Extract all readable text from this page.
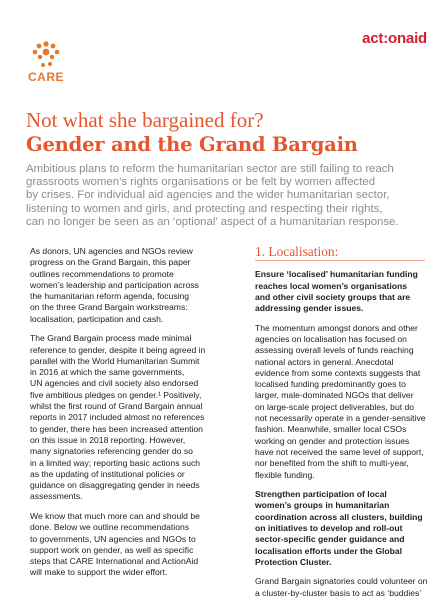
CARE
act:onaid
Not what she bargained for?
Gender and the Grand Bargain
Ambitious plans to reform the humanitarian sector are still failing to reach
grassroots women’s rights organisations or be felt by women affected
by crises. For individual aid agencies and the wider humanitarian sector,
listening to women and girls, and protecting and respecting their rights,
can no longer be seen as an ‘optional’ aspect of a humanitarian response.
As donors, UN agencies and NGOs review
progress on the Grand Bargain, this paper
outlines recommendations to promote
women’s leadership and participation across
the humanitarian reform agenda, focusing
on the three Grand Bargain workstreams:
localisation, participation and cash.
The Grand Bargain process made minimal
reference to gender, despite it being agreed in
parallel with the World Humanitarian Summit
in 2016 at which the same governments,
UN agencies and civil society also endorsed
five ambitious pledges on gender.¹ Positively,
whilst the first round of Grand Bargain annual
reports in 2017 included almost no references
to gender, there has been increased attention
on this issue in 2018 reporting. However,
many signatories referencing gender do so
in a limited way; reporting basic actions such
as the updating of institutional policies or
guidance on disaggregating gender in needs
assessments.
We know that much more can and should be
done. Below we outline recommendations
to governments, UN agencies and NGOs to
support work on gender, as well as specific
steps that CARE International and ActionAid
will make to support the wider effort.
1. Localisation:
Ensure ‘localised’ humanitarian funding
reaches local women’s organisations
and other civil society groups that are
addressing gender issues.
The momentum amongst donors and other
agencies on localisation has focused on
assessing overall levels of funds reaching
national actors in general. Anecdotal
evidence from some contexts suggests that
localised funding predominantly goes to
larger, male-dominated NGOs that deliver
on large-scale project deliverables, but do
not necessarily operate in a gender-sensitive
fashion. Meanwhile, smaller local CSOs
working on gender and protection issues
have not received the same level of support,
nor benefited from the shift to multi-year,
flexible funding.
Strengthen participation of local
women’s groups in humanitarian
coordination across all clusters, building
on initiatives to develop and roll-out
sector-specific gender guidance and
localisation efforts under the Global
Protection Cluster.
Grand Bargain signatories could volunteer on
a cluster-by-cluster basis to act as ‘buddies’
